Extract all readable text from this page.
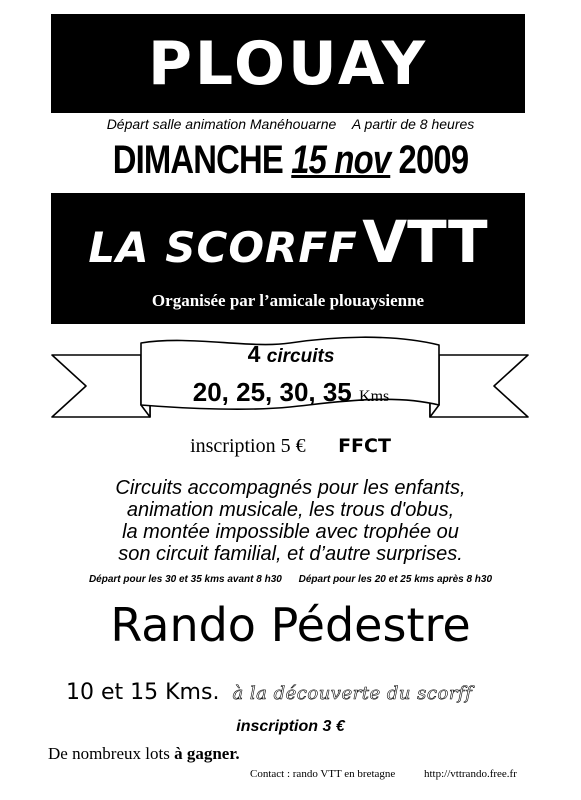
PLOUAY
Départ salle animation Manéhouarne A partir de 8 heures
DIMANCHE 15 nov 2009
LA SCORFF VTT
Organisée par l’amicale plouaysienne
4 circuits
20, 25, 30, 35 Kms
inscription 5 € FFCT
Circuits accompagnés pour les enfants,
animation musicale, les trous d'obus,
la montée impossible avec trophée ou
son circuit familial, et d’autre surprises.
Départ pour les 30 et 35 kms avant 8 h30 Départ pour les 20 et 25 kms après 8 h30
Rando Pédestre
10 et 15 Kms. à la découverte du scorff
inscription 3 €
De nombreux lots à gagner.
Contact : rando VTT en bretagne	http://vttrando.free.fr
